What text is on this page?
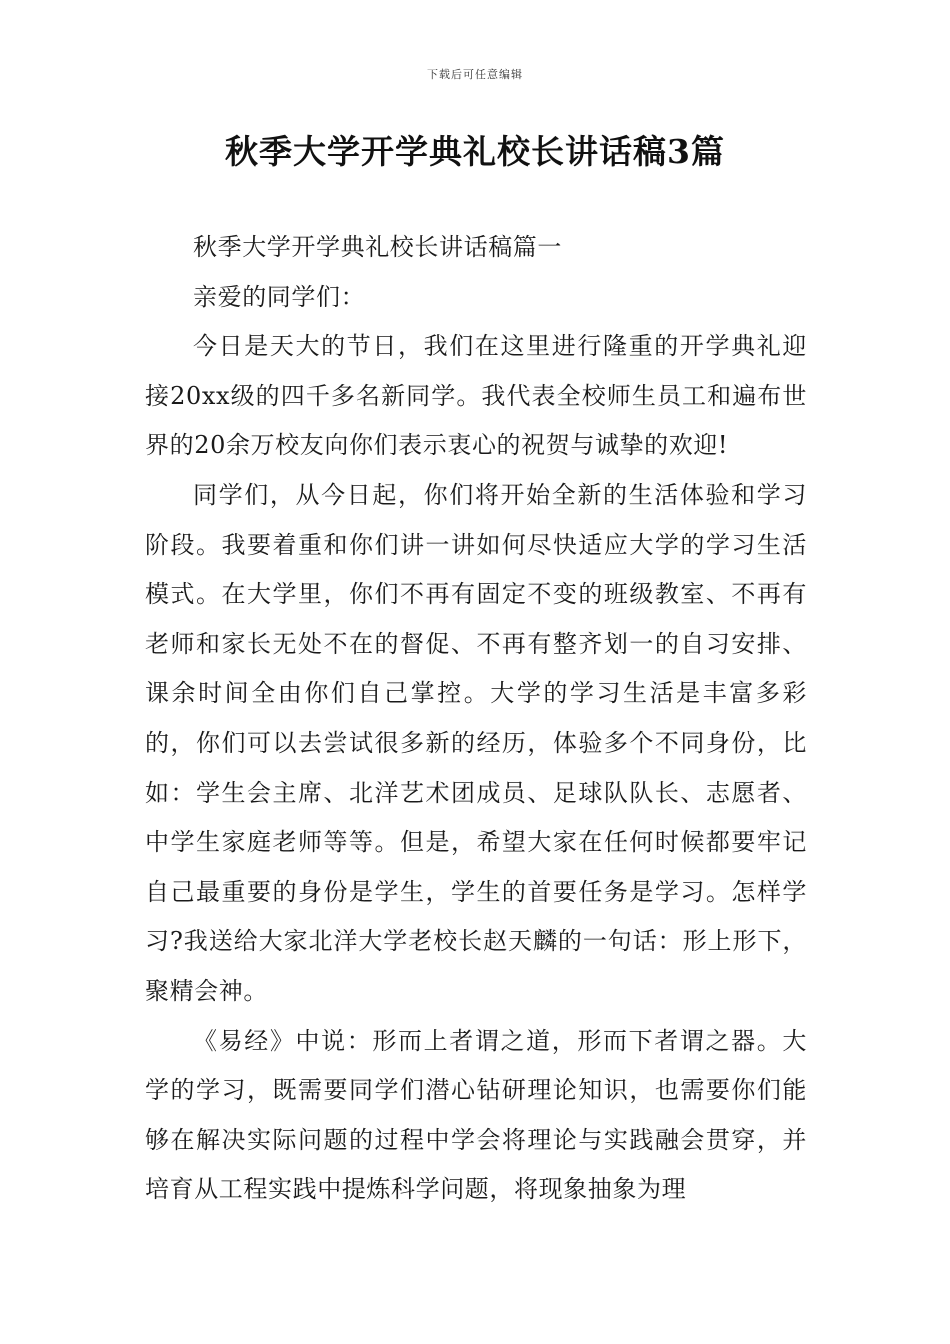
下载后可任意编辑
秋季大学开学典礼校长讲话稿3篇

秋季大学开学典礼校长讲话稿篇一

亲爱的同学们：

今日是天大的节日，我们在这里进行隆重的开学典礼迎接20xx级的四千多名新同学。我代表全校师生员工和遍布世界的20余万校友向你们表示衷心的祝贺与诚挚的欢迎!

同学们，从今日起，你们将开始全新的生活体验和学习阶段。我要着重和你们讲一讲如何尽快适应大学的学习生活模式。在大学里，你们不再有固定不变的班级教室、不再有老师和家长无处不在的督促、不再有整齐划一的自习安排、课余时间全由你们自己掌控。大学的学习生活是丰富多彩的，你们可以去尝试很多新的经历，体验多个不同身份，比如：学生会主席、北洋艺术团成员、足球队队长、志愿者、中学生家庭老师等等。但是，希望大家在任何时候都要牢记自己最重要的身份是学生，学生的首要任务是学习。怎样学习?我送给大家北洋大学老校长赵天麟的一句话：形上形下，聚精会神。

《易经》中说：形而上者谓之道，形而下者谓之器。大学的学习，既需要同学们潜心钻研理论知识，也需要你们能够在解决实际问题的过程中学会将理论与实践融会贯穿，并培育从工程实践中提炼科学问题，将现象抽象为理
